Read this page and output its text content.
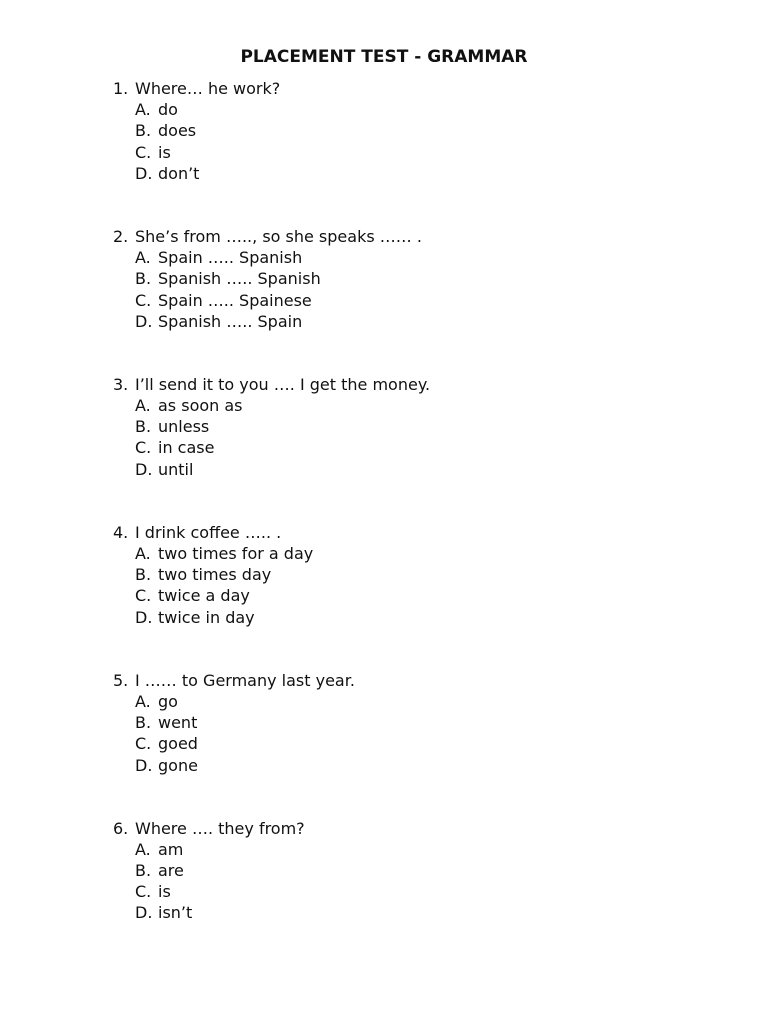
PLACEMENT TEST - GRAMMAR
1. Where… he work?
A. do
B. does
C. is
D. don’t
2. She’s from ….., so she speaks …… .
A. Spain ….. Spanish
B. Spanish ….. Spanish
C. Spain ….. Spainese
D. Spanish ….. Spain
3. I’ll send it to you …. I get the money.
A. as soon as
B. unless
C. in case
D. until
4. I drink coffee ….. .
A. two times for a day
B. two times day
C. twice a day
D. twice in day
5. I …… to Germany last year.
A. go
B. went
C. goed
D. gone
6. Where …. they from?
A. am
B. are
C. is
D. isn’t
